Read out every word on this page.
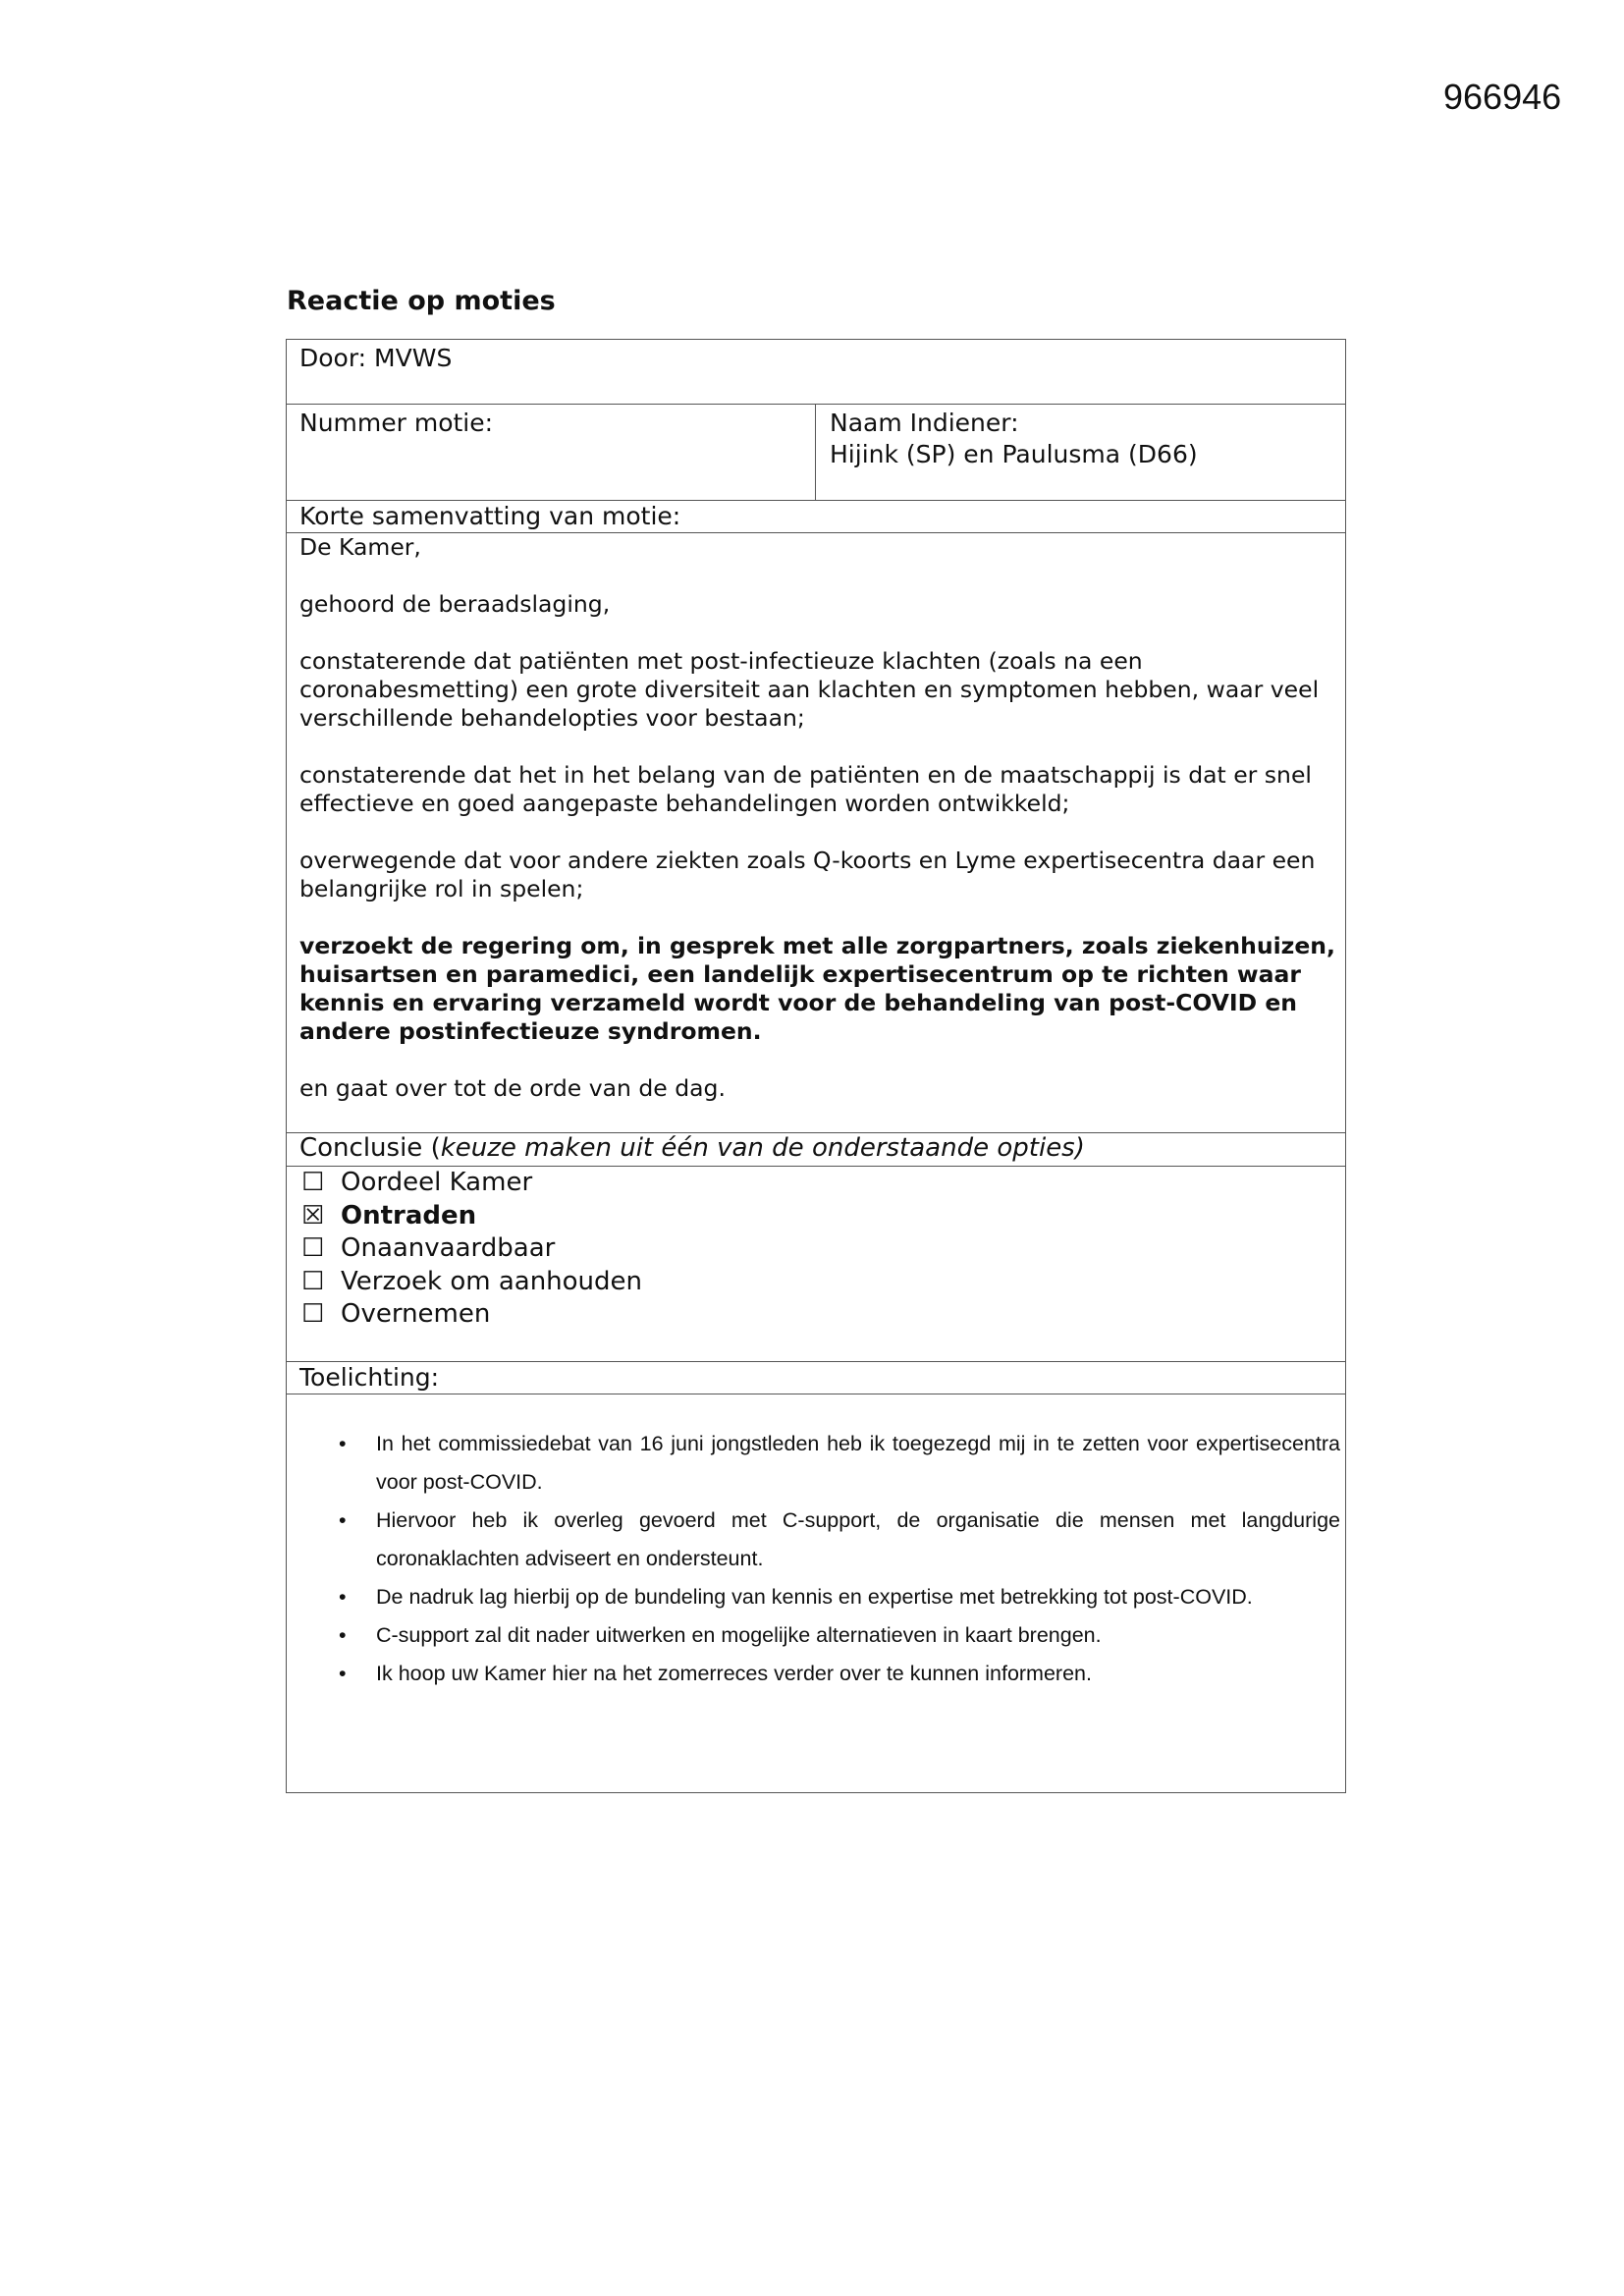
966946
Reactie op moties
Door: MVWS
Nummer motie:	Naam Indiener:
Hijink (SP) en Paulusma (D66)
Korte samenvatting van motie:

De Kamer,

gehoord de beraadslaging,

constaterende dat patiënten met post-infectieuze klachten (zoals na een coronabesmetting) een grote diversiteit aan klachten en symptomen hebben, waar veel verschillende behandelopties voor bestaan;

constaterende dat het in het belang van de patiënten en de maatschappij is dat er snel effectieve en goed aangepaste behandelingen worden ontwikkeld;

overwegende dat voor andere ziekten zoals Q-koorts en Lyme expertisecentra daar een belangrijke rol in spelen;

verzoekt de regering om, in gesprek met alle zorgpartners, zoals ziekenhuizen, huisartsen en paramedici, een landelijk expertisecentrum op te richten waar kennis en ervaring verzameld wordt voor de behandeling van post-COVID en andere postinfectieuze syndromen.

en gaat over tot de orde van de dag.

Conclusie (keuze maken uit één van de onderstaande opties)
☐ Oordeel Kamer
☒ Ontraden
☐ Onaanvaardbaar
☐ Verzoek om aanhouden
☐ Overnemen
Toelichting:
• In het commissiedebat van 16 juni jongstleden heb ik toegezegd mij in te zetten voor expertisecentra voor post-COVID.
• Hiervoor heb ik overleg gevoerd met C-support, de organisatie die mensen met langdurige coronaklachten adviseert en ondersteunt.
• De nadruk lag hierbij op de bundeling van kennis en expertise met betrekking tot post-COVID.
• C-support zal dit nader uitwerken en mogelijke alternatieven in kaart brengen.
• Ik hoop uw Kamer hier na het zomerreces verder over te kunnen informeren.
